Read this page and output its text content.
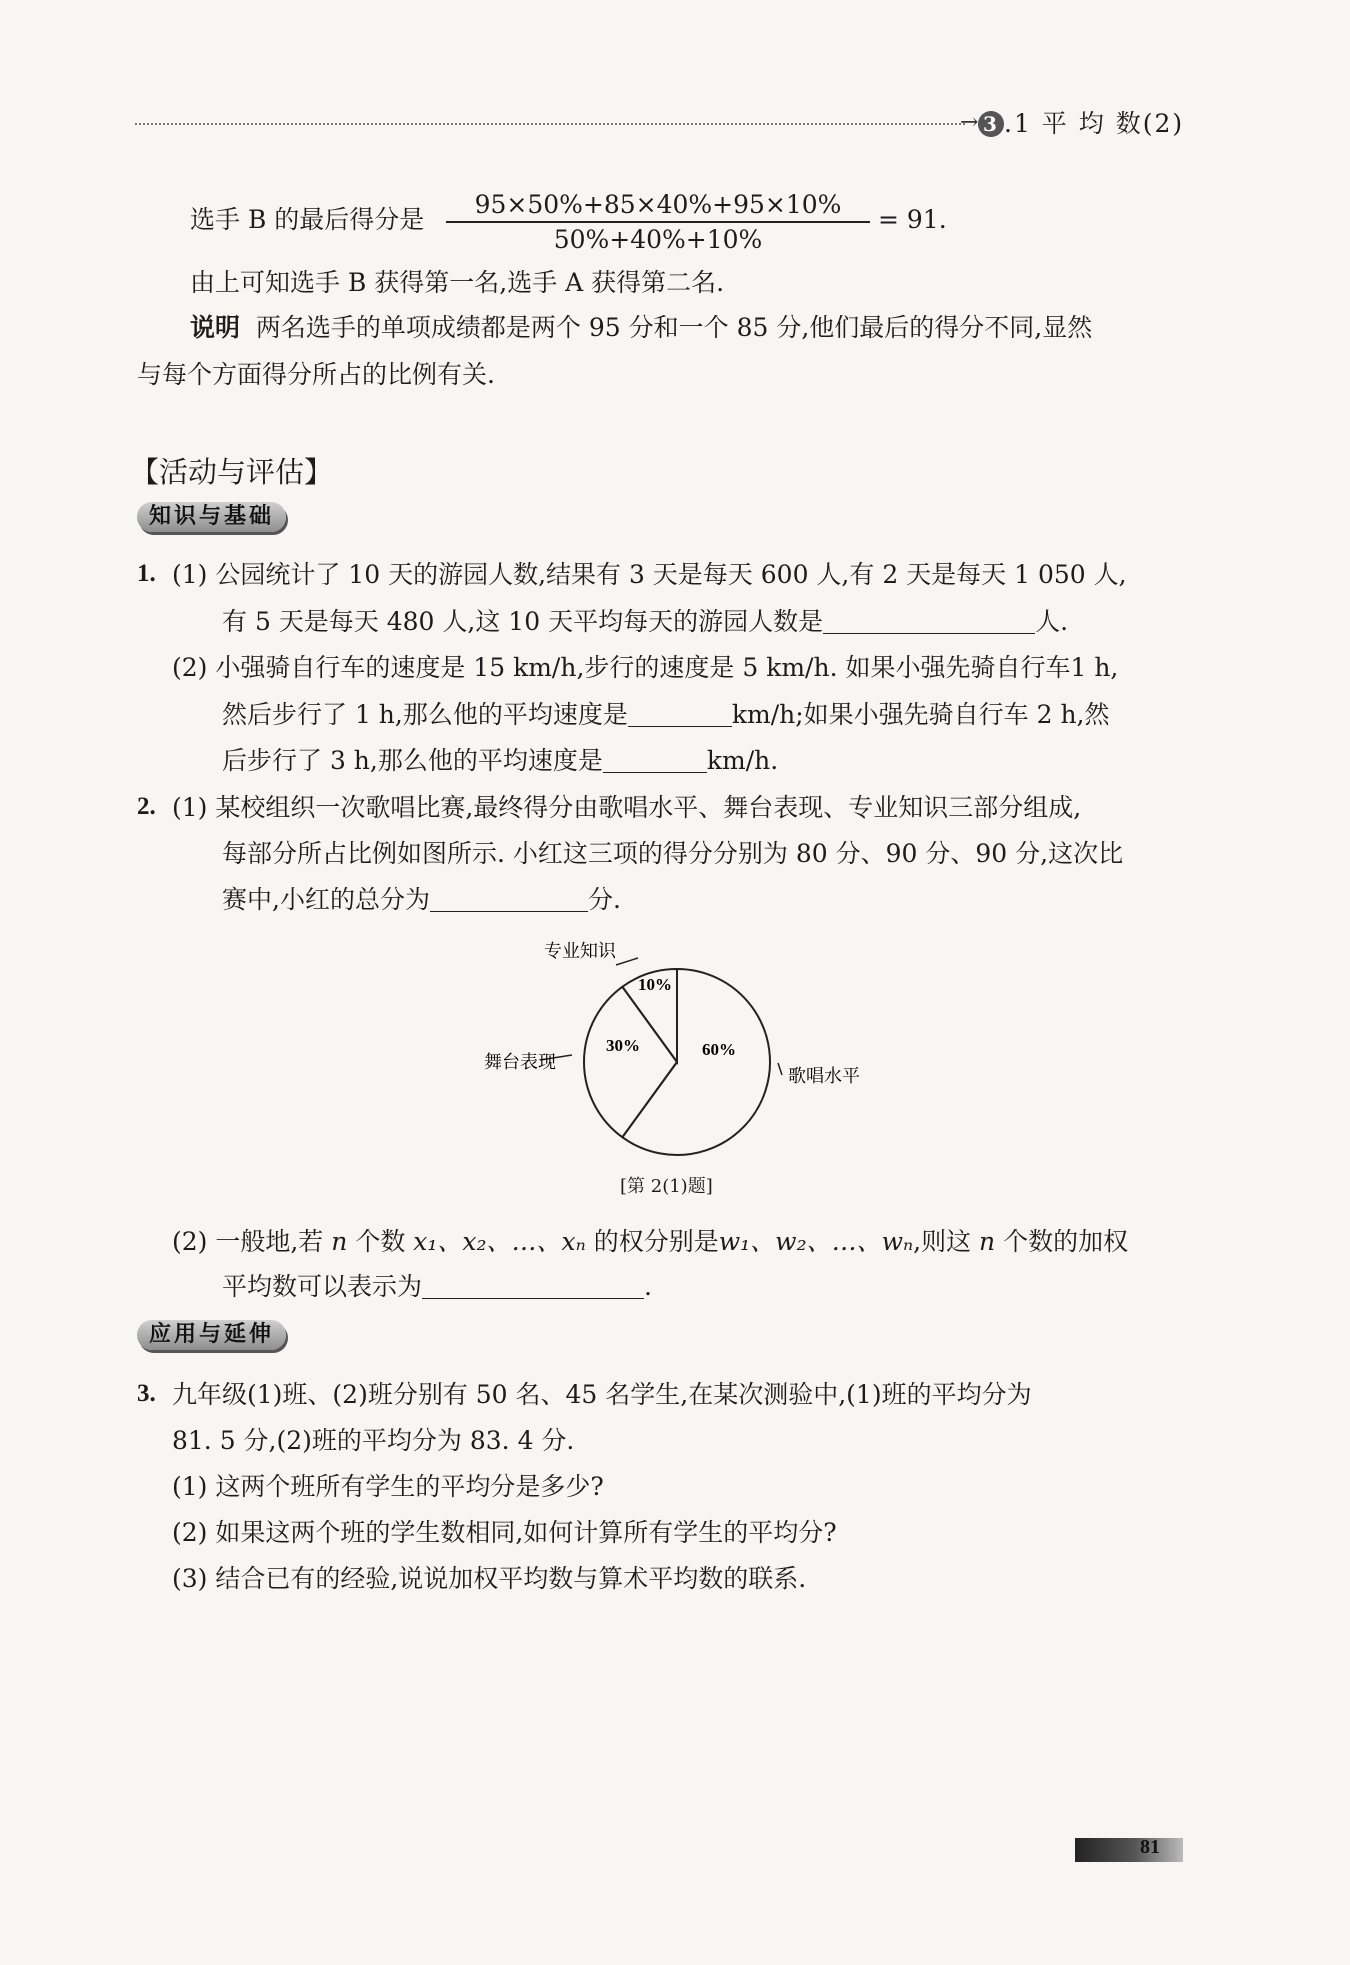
→ 3 .1 平 均 数(2)
选手 B 的最后得分是 $\frac{95\times 50\%+85\times 40\%+95\times 10\%}{50\%+40\%+10\%} = 91$.
由上可知选手 B 获得第一名,选手 A 获得第二名.
说明 两名选手的单项成绩都是两个 95 分和一个 85 分,他们最后的得分不同,显然
与每个方面得分所占的比例有关.
【活动与评估】
知识与基础
1. (1) 公园统计了 10 天的游园人数,结果有 3 天是每天 600 人,有 2 天是每天 1 050 人,
有 5 天是每天 480 人,这 10 天平均每天的游园人数是	人.
(2) 小强骑自行车的速度是 15 km/h,步行的速度是 5 km/h. 如果小强先骑自行车1 h,
然后步行了 1 h,那么他的平均速度是	km/h;如果小强先骑自行车 2 h,然
后步行了 3 h,那么他的平均速度是	km/h.
2. (1) 某校组织一次歌唱比赛,最终得分由歌唱水平、舞台表现、专业知识三部分组成,
每部分所占比例如图所示. 小红这三项的得分分别为 80 分、90 分、90 分,这次比
赛中,小红的总分为	分.
专业知识
舞台表现
歌唱水平
10%
30%	60%
[第 2(1)题]
(2) 一般地,若 n 个数 x₁、x₂、…、xₙ 的权分别是w₁、w₂、…、wₙ,则这 n 个数的加权
平均数可以表示为	.
应用与延伸
3. 九年级(1)班、(2)班分别有 50 名、45 名学生,在某次测验中,(1)班的平均分为
81. 5 分,(2)班的平均分为 83. 4 分.
(1) 这两个班所有学生的平均分是多少?
(2) 如果这两个班的学生数相同,如何计算所有学生的平均分?
(3) 结合已有的经验,说说加权平均数与算术平均数的联系.
81
